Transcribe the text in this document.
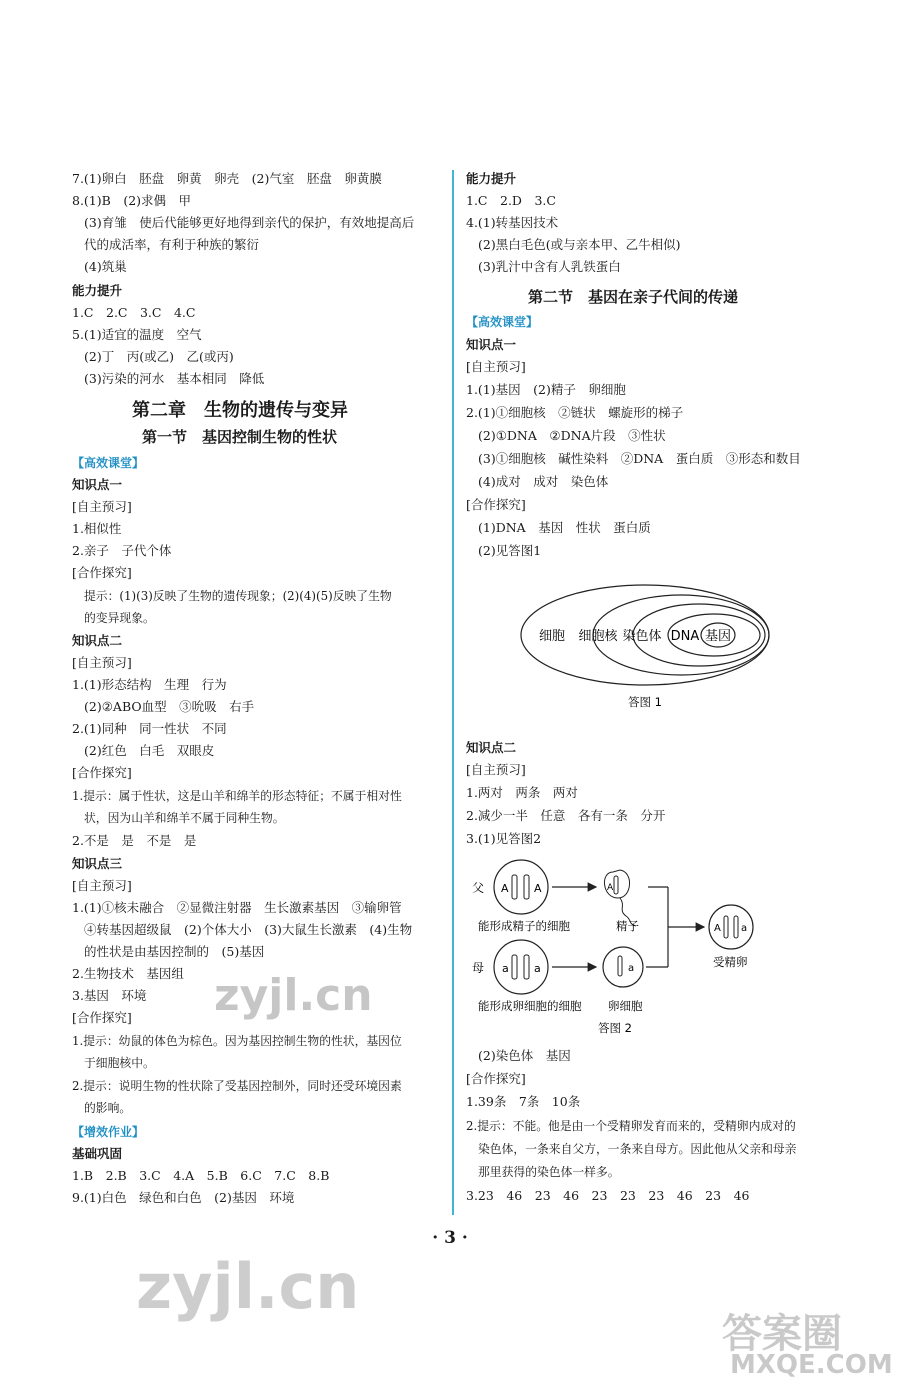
7.(1)卵白　胚盘　卵黄　卵壳　(2)气室　胚盘　卵黄膜
8.(1)B　(2)求偶　甲
(3)育雏　使后代能够更好地得到亲代的保护，有效地提高后
代的成活率，有利于种族的繁衍
(4)筑巢
能力提升
1.C　2.C　3.C　4.C
5.(1)适宜的温度　空气
(2)丁　丙(或乙)　乙(或丙)
(3)污染的河水　基本相同　降低
【高效课堂】
知识点一
[自主预习]
1.相似性
2.亲子　子代个体
[合作探究]
提示：(1)(3)反映了生物的遗传现象；(2)(4)(5)反映了生物
的变异现象。
知识点二
[自主预习]
1.(1)形态结构　生理　行为
(2)②ABO血型　③吮吸　右手
2.(1)同种　同一性状　不同
(2)红色　白毛　双眼皮
[合作探究]
1.提示：属于性状，这是山羊和绵羊的形态特征；不属于相对性
状，因为山羊和绵羊不属于同种生物。
2.不是　是　不是　是
知识点三
[自主预习]
1.(1)①核未融合　②显微注射器　生长激素基因　③输卵管
④转基因超级鼠　(2)个体大小　(3)大鼠生长激素　(4)生物
的性状是由基因控制的　(5)基因
2.生物技术　基因组
3.基因　环境
[合作探究]
1.提示：幼鼠的体色为棕色。因为基因控制生物的性状，基因位
于细胞核中。
2.提示：说明生物的性状除了受基因控制外，同时还受环境因素
的影响。
【增效作业】
基础巩固
1.B　2.B　3.C　4.A　5.B　6.C　7.C　8.B
9.(1)白色　绿色和白色　(2)基因　环境
能力提升
1.C　2.D　3.C
4.(1)转基因技术
(2)黑白毛色(或与亲本甲、乙牛相似)
(3)乳汁中含有人乳铁蛋白
【高效课堂】
知识点一
[自主预习]
1.(1)基因　(2)精子　卵细胞
2.(1)①细胞核　②链状　螺旋形的梯子
(2)①DNA　②DNA片段　③性状
(3)①细胞核　碱性染料　②DNA　蛋白质　③形态和数目
(4)成对　成对　染色体
[合作探究]
(1)DNA　基因　性状　蛋白质
(2)见答图1
知识点二
[自主预习]
1.两对　两条　两对
2.减少一半　任意　各有一条　分开
3.(1)见答图2
(2)染色体　基因
[合作探究]
1.39条　7条　10条
2.提示：不能。他是由一个受精卵发育而来的，受精卵内成对的
染色体，一条来自父方，一条来自母方。因此他从父亲和母亲
那里获得的染色体一样多。
3.23　46　23　46　23　23　23　46　23　46
第二章　生物的遗传与变异
第一节　基因控制生物的性状
第二节　基因在亲子代间的传递
细胞 细胞核 染色体 DNA 基因
答图 1
父 A A
能形成精子的细胞
A
精子
母 a a
能形成卵细胞的细胞
a
卵细胞
A a
受精卵
答图 2
· 3 ·
zyjl.cn
zyjl.cn
答案圈
MXQE.COM
